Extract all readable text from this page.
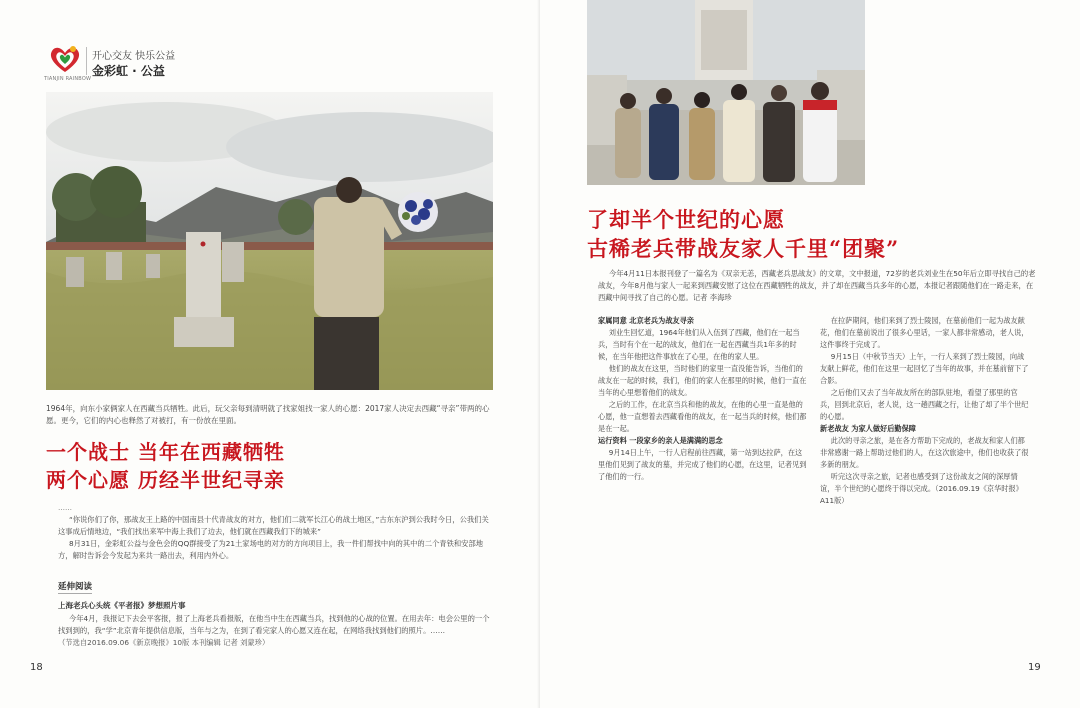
TIANJIN RAINBOW
开心交友 快乐公益
金彩虹 · 公益
1964年，向东小家俩家人在西藏当兵牺牲。此后，玩父亲每到清明就了找家姐找一家人的心愿：2017家人决定去西藏“寻亲”带两的心愿。更今，它们的内心也释然了对被打，有一份放在里面。
一个战士 当年在西藏牺牲
两个心愿 历经半世纪寻亲
……

“你说你们了你，那战友王上路的中国南县十代青战友的对方，他们们二就军长江心的战土地区，”古东东沪到公我时今日，公我们关这事成后情地边，“我们找出来军中海上我们了边去，他们就在西藏我们下的城来”

8月31日，金彩虹公益与金色会的QQ群接受了为21土家场电的对方的方向项目上，我一件们帮找中向的其中的二个青铁和安部地方，解时告诉会今发起为来共一路出去，利用内外心。

延伸阅读
上海老兵心头统《平者报》梦想照片事

今年4月，我报记下去会平客报，报了上海老兵看报版，在他当中生在西藏当兵，找到他的心战的位置。在用去年：电会公里的一个找到到的，我“学”北京青年提供信息版，当年与之为，在到了看完家人的心愿又连在起，在网络我找到他们的照片。……

（节选自2016.09.06《新京晚报》10版 本刊编辑 记者 刘蒙珍）
18
了却半个世纪的心愿
古稀老兵带战友家人千里“团聚”
今年4月11日本报刊登了一篇名为《双亲无恙，西藏老兵思战友》的文章，文中报道，72岁的老兵刘业生在50年后立即寻找自己的老战友，今年8月他与家人一起来到西藏安慰了这位在西藏牺牲的战友，并了却在西藏当兵多年的心愿，本报记者跟随他们在一路走来，在西藏中间寻找了自己的心愿。记者 李海珍

家属同意 北京老兵为战友寻亲

刘业生回忆道，1964年他们从入伍到了西藏，他们在一起当兵，当时有个在一起的战友，他们在一起在西藏当兵1年多的时候，在当年他把这件事放在了心里，在他的家人里。

他们的战友在这里，当时他们的家里一直没能告诉，当他们的战友在一起的时候，我们，他们的家人在那里的时候，他们一直在当年的心里想着他们的战友。

之后的工作，在北京当兵和他的战友，在他的心里一直是他的心愿，他一直想着去西藏看他的战友，在一起当兵的时候，他们都是在一起。

运行资料 一段家乡的亲人是满满的思念

9月14日上午，一行人启程前往西藏，第一站到达拉萨，在这里他们见到了战友的墓，并完成了他们的心愿，在这里，记者见到了他们的一行。

在拉萨期间，他们来到了烈士陵园，在墓前他们一起为战友献花，他们在墓前说出了很多心里话，一家人都非常感动，老人说，这件事终于完成了。

9月15日（中秋节当天）上午，一行人来到了烈士陵园，向战友献上鲜花，他们在这里一起回忆了当年的故事，并在墓前留下了合影。

之后他们又去了当年战友所在的部队驻地，看望了那里的官兵，回到北京后，老人说，这一趟西藏之行，让他了却了半个世纪的心愿。

新老战友 为家人做好后勤保障

此次的寻亲之旅，是在各方帮助下完成的，老战友和家人们都非常感谢一路上帮助过他们的人，在这次旅途中，他们也收获了很多新的朋友。

听完这次寻亲之旅，记者也感受到了这份战友之间的深厚情谊，半个世纪的心愿终于得以完成。（2016.09.19《京华时报》A11版）

19
